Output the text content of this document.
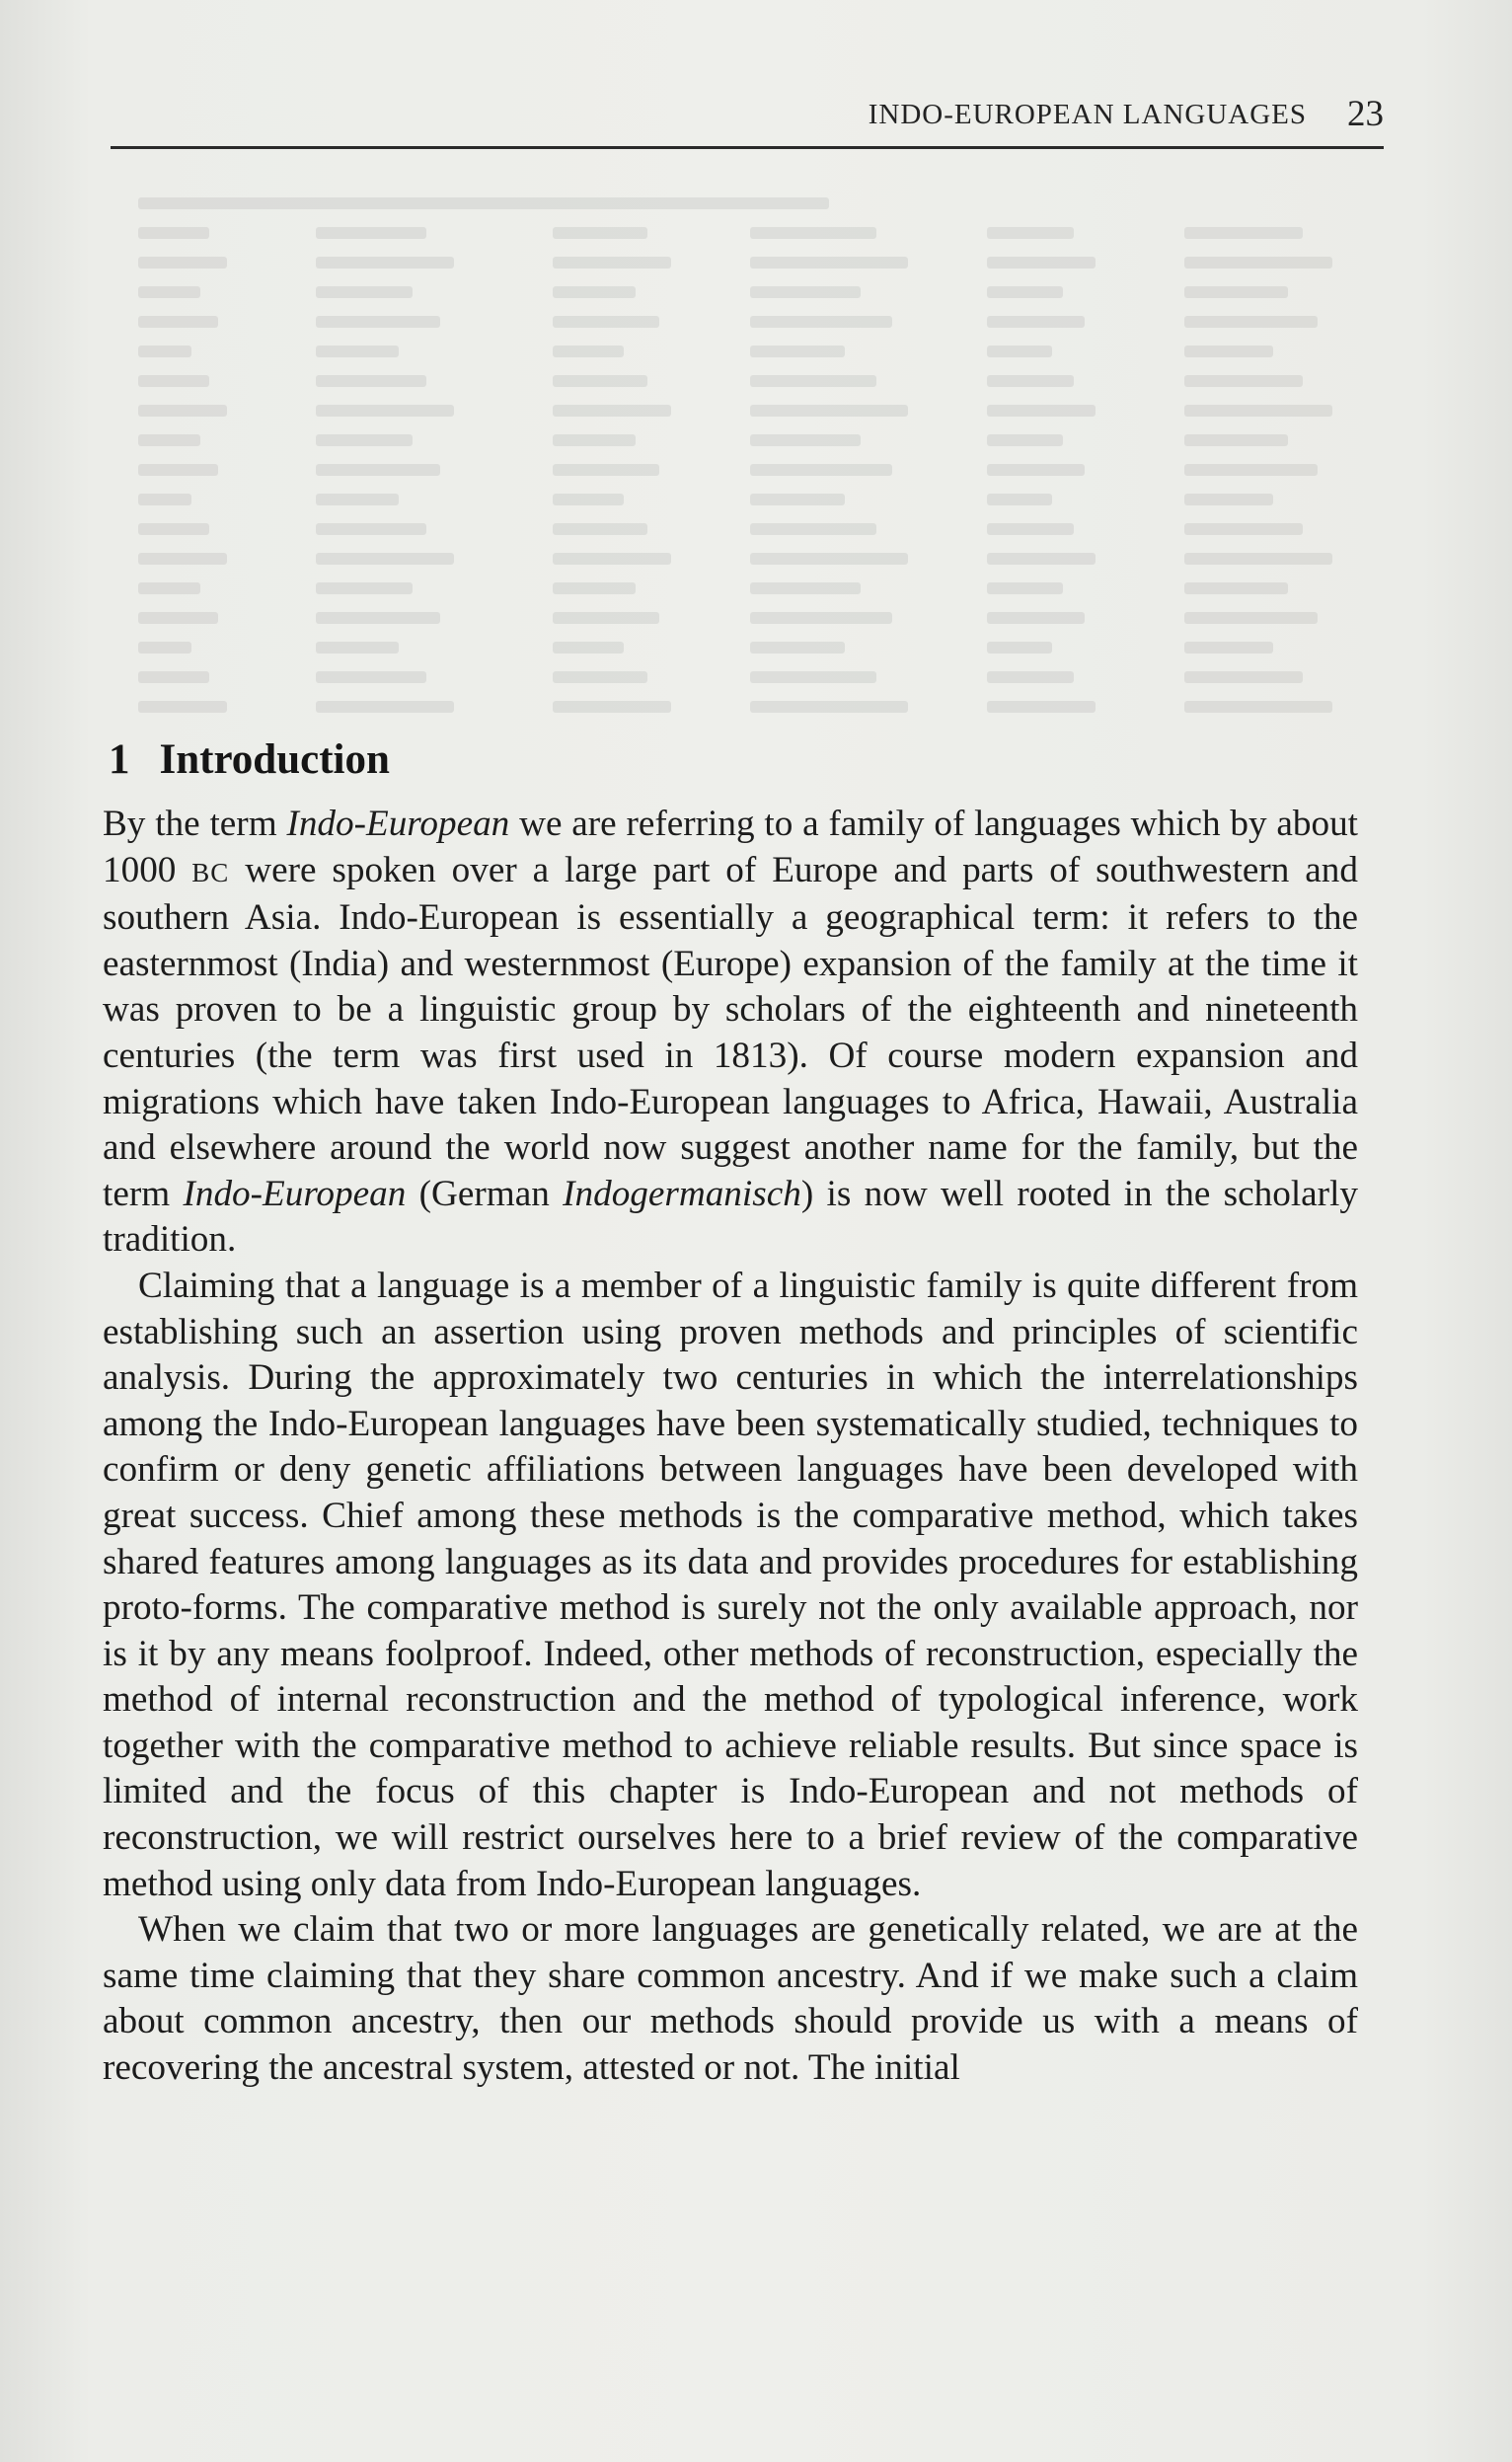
INDO-EUROPEAN LANGUAGES 23
1 Introduction

By the term Indo-European we are referring to a family of languages which by about 1000 BC were spoken over a large part of Europe and parts of southwestern and southern Asia. Indo-European is essentially a geographical term: it refers to the easternmost (India) and westernmost (Europe) expansion of the family at the time it was proven to be a linguistic group by scholars of the eighteenth and nineteenth centuries (the term was first used in 1813). Of course modern expansion and migrations which have taken Indo-European languages to Africa, Hawaii, Australia and elsewhere around the world now suggest another name for the family, but the term Indo-European (German Indogermanisch) is now well rooted in the scholarly tradition.

Claiming that a language is a member of a linguistic family is quite different from establishing such an assertion using proven methods and principles of scientific analysis. During the approximately two centuries in which the interrelationships among the Indo-European languages have been systematically studied, techniques to confirm or deny genetic affiliations between languages have been developed with great success. Chief among these methods is the comparative method, which takes shared features among languages as its data and provides procedures for establishing proto-forms. The comparative method is surely not the only available approach, nor is it by any means foolproof. Indeed, other methods of reconstruction, especially the method of internal reconstruction and the method of typological inference, work together with the comparative method to achieve reliable results. But since space is limited and the focus of this chapter is Indo-European and not methods of reconstruction, we will restrict ourselves here to a brief review of the comparative method using only data from Indo-European languages.

When we claim that two or more languages are genetically related, we are at the same time claiming that they share common ancestry. And if we make such a claim about common ancestry, then our methods should provide us with a means of recovering the ancestral system, attested or not. The initial
